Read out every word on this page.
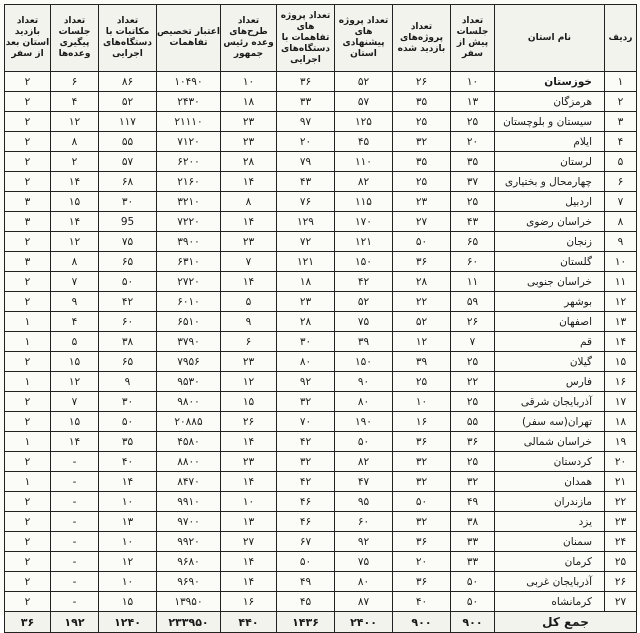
ردیف	نام استان	تعداد جلسات پیش از سفر	تعداد پروژه‌های بازدید شده	تعداد پروژه های پیشنهادی استان	تعداد پروژه های تفاهمات با دستگاه‌های اجرایی	تعداد طرح‌های وعده رئیس جمهور	اعتبار تخصیص تفاهمات	تعداد مکاتبات با دستگاه‌های اجرایی	تعداد جلسات پیگیری وعده‌ها	تعداد بازدید استان بعد از سفر
۱	خوزستان	۱۰	۲۶	۵۲	۳۶	۱۰	۱۰۴۹۰	۸۶	۶	۲
۲	هرمزگان	۱۳	۳۵	۵۷	۳۳	۱۸	۲۴۳۰	۵۲	۴	۲
۳	سیستان و بلوچستان	۲۵	۲۵	۱۲۵	۹۷	۲۳	۲۱۱۱۰	۱۱۷	۱۲	۲
۴	ایلام	۲۰	۳۲	۴۵	۲۰	۲۳	۷۱۲۰	۵۵	۸	۲
۵	لرستان	۳۵	۳۵	۱۱۰	۷۹	۲۸	۶۲۰۰	۵۷	۲	۲
۶	چهارمحال و بختیاری	۳۷	۲۵	۸۲	۴۳	۱۴	۲۱۶۰	۶۸	۱۴	۲
۷	اردبیل	۲۵	۲۳	۱۱۵	۷۶	۸	۳۲۱۰	۳۰	۱۵	۳
۸	خراسان رضوی	۴۳	۲۷	۱۷۰	۱۲۹	۱۴	۷۲۲۰	95	۱۴	۳
۹	زنجان	۶۵	۵۰	۱۲۱	۷۲	۲۳	۳۹۰۰	۷۵	۱۲	۲
۱۰	گلستان	۶۰	۳۶	۱۵۰	۱۲۱	۷	۶۳۱۰	۶۵	۸	۳
۱۱	خراسان جنوبی	۱۱	۲۸	۴۲	۱۸	۱۴	۲۷۲۰	۵۰	۷	۲
۱۲	بوشهر	۵۹	۲۲	۵۲	۲۳	۵	۶۰۱۰	۴۲	۹	۲
۱۳	اصفهان	۲۶	۵۲	۷۵	۲۸	۹	۶۵۱۰	۶۰	۴	۱
۱۴	قم	۷	۱۲	۳۹	۳۰	۶	۳۷۹۰	۳۸	۵	۱
۱۵	گیلان	۲۵	۳۹	۱۵۰	۸۰	۲۳	۷۹۵۶	۶۵	۱۵	۲
۱۶	فارس	۲۲	۲۵	۹۰	۹۲	۱۲	۹۵۳۰	۹	۱۲	۱
۱۷	آذربایجان شرقی	۲۵	۱۰	۸۰	۳۲	۱۵	۹۸۰۰	۳۰	۷	۲
۱۸	تهران(سه سفر)	۵۵	۱۶	۱۹۰	۷۰	۲۶	۲۰۸۸۵	۵۰	۱۵	۲
۱۹	خراسان شمالی	۳۶	۳۶	۵۰	۴۲	۱۴	۴۵۸۰	۳۵	۱۴	۱
۲۰	کردستان	۲۵	۳۲	۸۲	۳۲	۲۳	۸۸۰۰	۴۰	-	۲
۲۱	همدان	۳۲	۳۲	۴۷	۴۲	۱۴	۸۴۷۰	۱۴	-	۱
۲۲	مازندران	۴۹	۵۰	۹۵	۴۶	۱۰	۹۹۱۰	۱۰	-	۲
۲۳	یزد	۳۸	۳۲	۶۰	۴۶	۱۳	۹۷۰۰	۱۳	-	۲
۲۴	سمنان	۳۳	۳۶	۹۲	۶۷	۲۷	۹۹۲۰	۱۰	-	۲
۲۵	کرمان	۳۳	۲۰	۷۵	۵۰	۱۴	۹۶۸۰	۱۲	-	۲
۲۶	آذربایجان غربی	۵۰	۳۶	۸۰	۴۹	۱۴	۹۶۹۰	۱۰	-	۲
۲۷	کرمانشاه	۵۰	۴۰	۸۷	۴۵	۱۶	۱۳۹۵۰	۱۵	-	۲
جمع کل		۹۰۰	۹۰۰	۲۴۰۰	۱۴۳۶	۴۴۰	۲۳۳۹۵۰	۱۲۴۰	۱۹۲	۳۶
